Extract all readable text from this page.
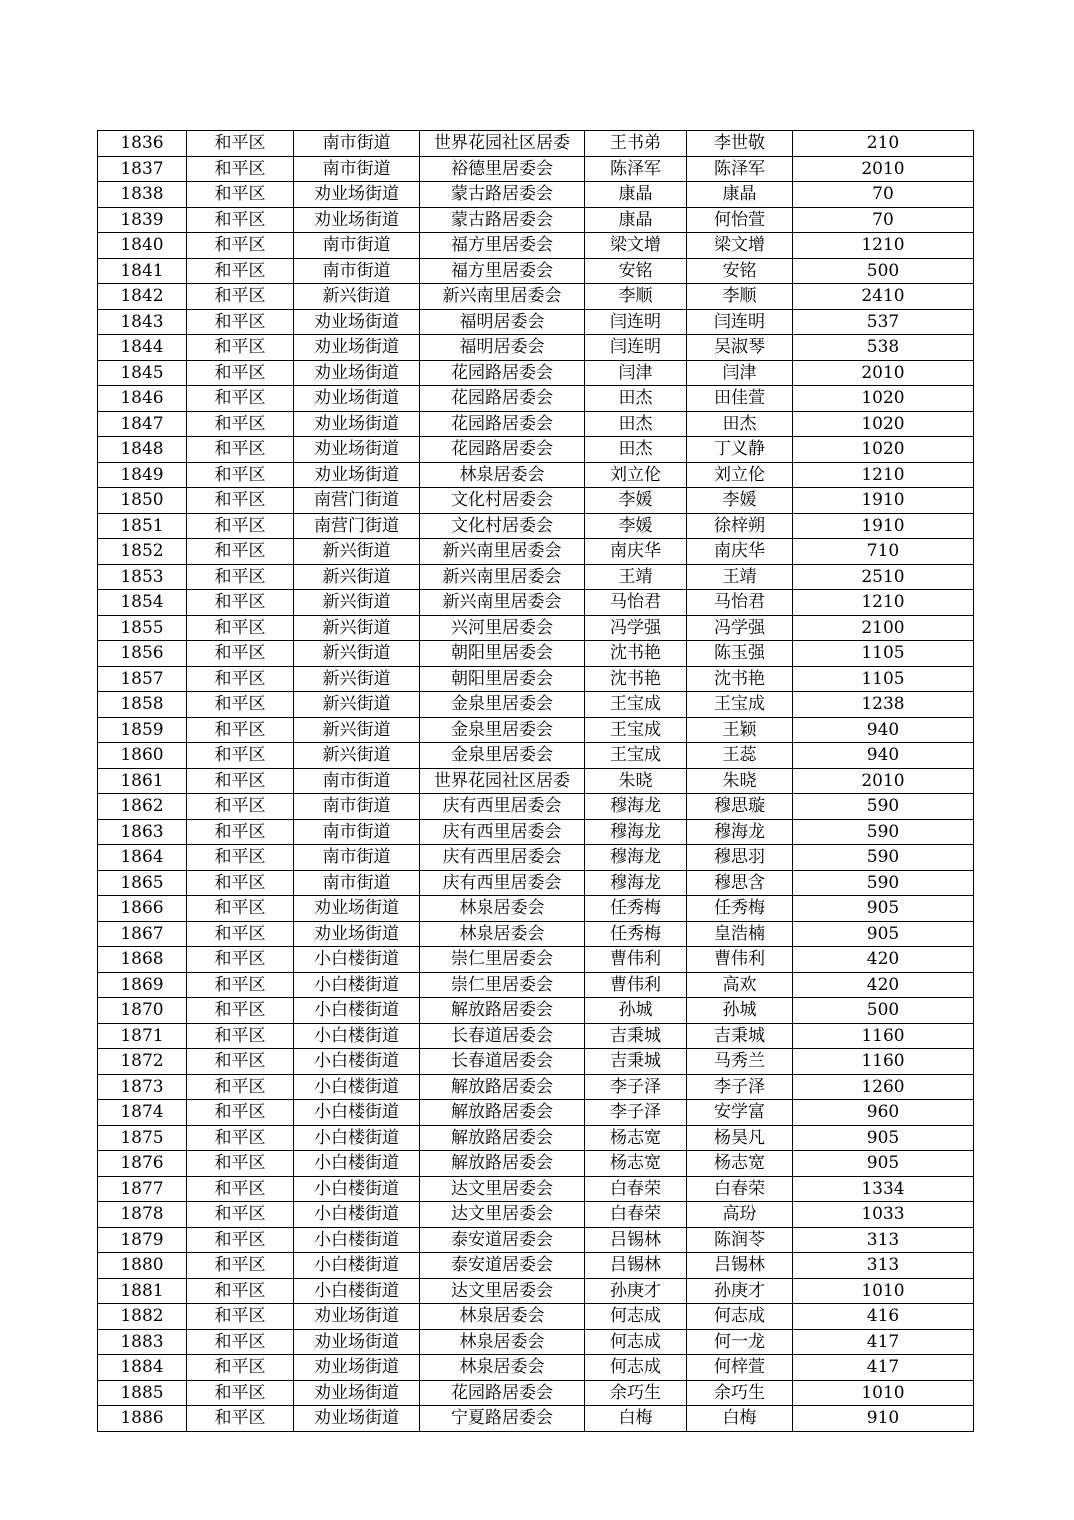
1836	和平区	南市街道	世界花园社区居委	王书弟	李世敬	210
1837	和平区	南市街道	裕德里居委会	陈泽军	陈泽军	2010
1838	和平区	劝业场街道	蒙古路居委会	康晶	康晶	70
1839	和平区	劝业场街道	蒙古路居委会	康晶	何怡萱	70
1840	和平区	南市街道	福方里居委会	梁文增	梁文增	1210
1841	和平区	南市街道	福方里居委会	安铭	安铭	500
1842	和平区	新兴街道	新兴南里居委会	李顺	李顺	2410
1843	和平区	劝业场街道	福明居委会	闫连明	闫连明	537
1844	和平区	劝业场街道	福明居委会	闫连明	吴淑琴	538
1845	和平区	劝业场街道	花园路居委会	闫津	闫津	2010
1846	和平区	劝业场街道	花园路居委会	田杰	田佳萱	1020
1847	和平区	劝业场街道	花园路居委会	田杰	田杰	1020
1848	和平区	劝业场街道	花园路居委会	田杰	丁义静	1020
1849	和平区	劝业场街道	林泉居委会	刘立伦	刘立伦	1210
1850	和平区	南营门街道	文化村居委会	李媛	李媛	1910
1851	和平区	南营门街道	文化村居委会	李媛	徐梓朔	1910
1852	和平区	新兴街道	新兴南里居委会	南庆华	南庆华	710
1853	和平区	新兴街道	新兴南里居委会	王靖	王靖	2510
1854	和平区	新兴街道	新兴南里居委会	马怡君	马怡君	1210
1855	和平区	新兴街道	兴河里居委会	冯学强	冯学强	2100
1856	和平区	新兴街道	朝阳里居委会	沈书艳	陈玉强	1105
1857	和平区	新兴街道	朝阳里居委会	沈书艳	沈书艳	1105
1858	和平区	新兴街道	金泉里居委会	王宝成	王宝成	1238
1859	和平区	新兴街道	金泉里居委会	王宝成	王颖	940
1860	和平区	新兴街道	金泉里居委会	王宝成	王蕊	940
1861	和平区	南市街道	世界花园社区居委	朱晓	朱晓	2010
1862	和平区	南市街道	庆有西里居委会	穆海龙	穆思璇	590
1863	和平区	南市街道	庆有西里居委会	穆海龙	穆海龙	590
1864	和平区	南市街道	庆有西里居委会	穆海龙	穆思羽	590
1865	和平区	南市街道	庆有西里居委会	穆海龙	穆思含	590
1866	和平区	劝业场街道	林泉居委会	任秀梅	任秀梅	905
1867	和平区	劝业场街道	林泉居委会	任秀梅	皇浩楠	905
1868	和平区	小白楼街道	崇仁里居委会	曹伟利	曹伟利	420
1869	和平区	小白楼街道	崇仁里居委会	曹伟利	高欢	420
1870	和平区	小白楼街道	解放路居委会	孙城	孙城	500
1871	和平区	小白楼街道	长春道居委会	吉秉城	吉秉城	1160
1872	和平区	小白楼街道	长春道居委会	吉秉城	马秀兰	1160
1873	和平区	小白楼街道	解放路居委会	李子泽	李子泽	1260
1874	和平区	小白楼街道	解放路居委会	李子泽	安学富	960
1875	和平区	小白楼街道	解放路居委会	杨志宽	杨昊凡	905
1876	和平区	小白楼街道	解放路居委会	杨志宽	杨志宽	905
1877	和平区	小白楼街道	达文里居委会	白春荣	白春荣	1334
1878	和平区	小白楼街道	达文里居委会	白春荣	高玢	1033
1879	和平区	小白楼街道	泰安道居委会	吕锡林	陈润苓	313
1880	和平区	小白楼街道	泰安道居委会	吕锡林	吕锡林	313
1881	和平区	小白楼街道	达文里居委会	孙庚才	孙庚才	1010
1882	和平区	劝业场街道	林泉居委会	何志成	何志成	416
1883	和平区	劝业场街道	林泉居委会	何志成	何一龙	417
1884	和平区	劝业场街道	林泉居委会	何志成	何梓萱	417
1885	和平区	劝业场街道	花园路居委会	余巧生	余巧生	1010
1886	和平区	劝业场街道	宁夏路居委会	白梅	白梅	910
